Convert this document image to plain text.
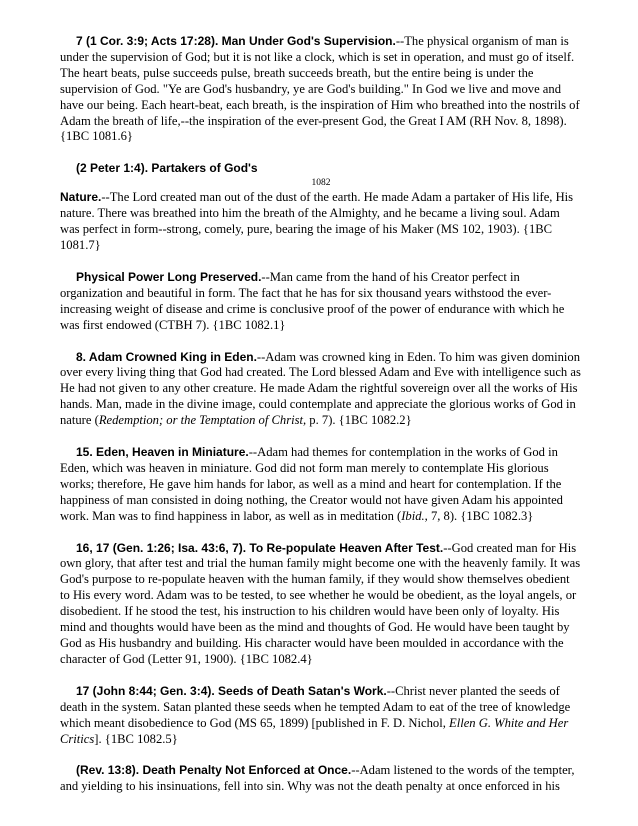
7 (1 Cor. 3:9; Acts 17:28). Man Under God's Supervision.--The physical organism of man is under the supervision of God; but it is not like a clock, which is set in operation, and must go of itself. The heart beats, pulse succeeds pulse, breath succeeds breath, but the entire being is under the supervision of God. "Ye are God's husbandry, ye are God's building." In God we live and move and have our being. Each heart-beat, each breath, is the inspiration of Him who breathed into the nostrils of Adam the breath of life,--the inspiration of the ever-present God, the Great I AM (RH Nov. 8, 1898). {1BC 1081.6}

(2 Peter 1:4). Partakers of God's

1082

Nature.--The Lord created man out of the dust of the earth. He made Adam a partaker of His life, His nature. There was breathed into him the breath of the Almighty, and he became a living soul. Adam was perfect in form--strong, comely, pure, bearing the image of his Maker (MS 102, 1903). {1BC 1081.7}

Physical Power Long Preserved.--Man came from the hand of his Creator perfect in organization and beautiful in form. The fact that he has for six thousand years withstood the ever-increasing weight of disease and crime is conclusive proof of the power of endurance with which he was first endowed (CTBH 7). {1BC 1082.1}

8. Adam Crowned King in Eden.--Adam was crowned king in Eden. To him was given dominion over every living thing that God had created. The Lord blessed Adam and Eve with intelligence such as He had not given to any other creature. He made Adam the rightful sovereign over all the works of His hands. Man, made in the divine image, could contemplate and appreciate the glorious works of God in nature (Redemption; or the Temptation of Christ, p. 7). {1BC 1082.2}

15. Eden, Heaven in Miniature.--Adam had themes for contemplation in the works of God in Eden, which was heaven in miniature. God did not form man merely to contemplate His glorious works; therefore, He gave him hands for labor, as well as a mind and heart for contemplation. If the happiness of man consisted in doing nothing, the Creator would not have given Adam his appointed work. Man was to find happiness in labor, as well as in meditation (Ibid., 7, 8). {1BC 1082.3}

16, 17 (Gen. 1:26; Isa. 43:6, 7). To Re-populate Heaven After Test.--God created man for His own glory, that after test and trial the human family might become one with the heavenly family. It was God's purpose to re-populate heaven with the human family, if they would show themselves obedient to His every word. Adam was to be tested, to see whether he would be obedient, as the loyal angels, or disobedient. If he stood the test, his instruction to his children would have been only of loyalty. His mind and thoughts would have been as the mind and thoughts of God. He would have been taught by God as His husbandry and building. His character would have been moulded in accordance with the character of God (Letter 91, 1900). {1BC 1082.4}

17 (John 8:44; Gen. 3:4). Seeds of Death Satan's Work.--Christ never planted the seeds of death in the system. Satan planted these seeds when he tempted Adam to eat of the tree of knowledge which meant disobedience to God (MS 65, 1899) [published in F. D. Nichol, Ellen G. White and Her Critics]. {1BC 1082.5}

(Rev. 13:8). Death Penalty Not Enforced at Once.--Adam listened to the words of the tempter, and yielding to his insinuations, fell into sin. Why was not the death penalty at once enforced in his
